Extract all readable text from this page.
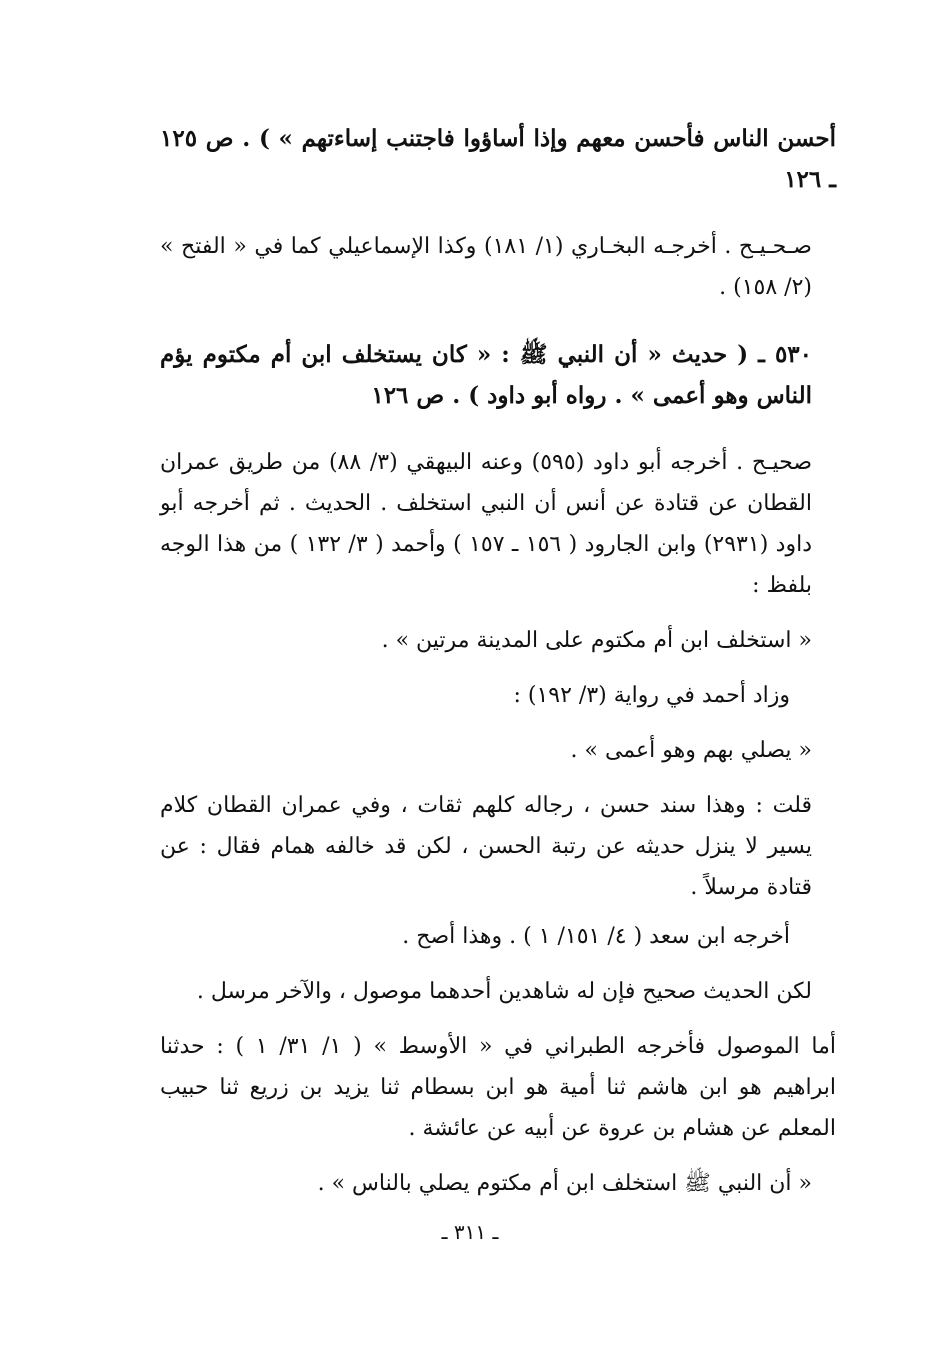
أحسن الناس فأحسن معهم وإذا أساؤوا فاجتنب إساءتهم » ) . ص ١٢٥ ـ ١٢٦

صـحـيـح . أخرجـه البخـاري (١/ ١٨١) وكذا الإسماعيلي كما في « الفتح » (٢/ ١٥٨) .

٥٣٠ ـ ( حديث « أن النبي ﷺ : « كان يستخلف ابن أم مكتوم يؤم الناس وهو أعمى » . رواه أبو داود ) . ص ١٢٦

صحيـح . أخرجه أبو داود (٥٩٥) وعنه البيهقي (٣/ ٨٨) من طريق عمران القطان عن قتادة عن أنس أن النبي استخلف . الحديث . ثم أخرجه أبو داود (٢٩٣١) وابن الجارود ( ١٥٦ ـ ١٥٧ ) وأحمد ( ٣/ ١٣٢ ) من هذا الوجه بلفظ :

« استخلف ابن أم مكتوم على المدينة مرتين » .

وزاد أحمد في رواية (٣/ ١٩٢) :

« يصلي بهم وهو أعمى » .

قلت : وهذا سند حسن ، رجاله كلهم ثقات ، وفي عمران القطان كلام يسير لا ينزل حديثه عن رتبة الحسن ، لكن قد خالفه همام فقال : عن قتادة مرسلاً .

أخرجه ابن سعد ( ٤/ ١٥١/ ١ ) . وهذا أصح .

لكن الحديث صحيح فإن له شاهدين أحدهما موصول ، والآخر مرسل .

أما الموصول فأخرجه الطبراني في « الأوسط » ( ١/ ٣١/ ١ ) : حدثنا ابراهيم هو ابن هاشم ثنا أمية هو ابن بسطام ثنا يزيد بن زريع ثنا حبيب المعلم عن هشام بن عروة عن أبيه عن عائشة .

« أن النبي ﷺ استخلف ابن أم مكتوم يصلي بالناس » .

ـ ٣١١ ـ
